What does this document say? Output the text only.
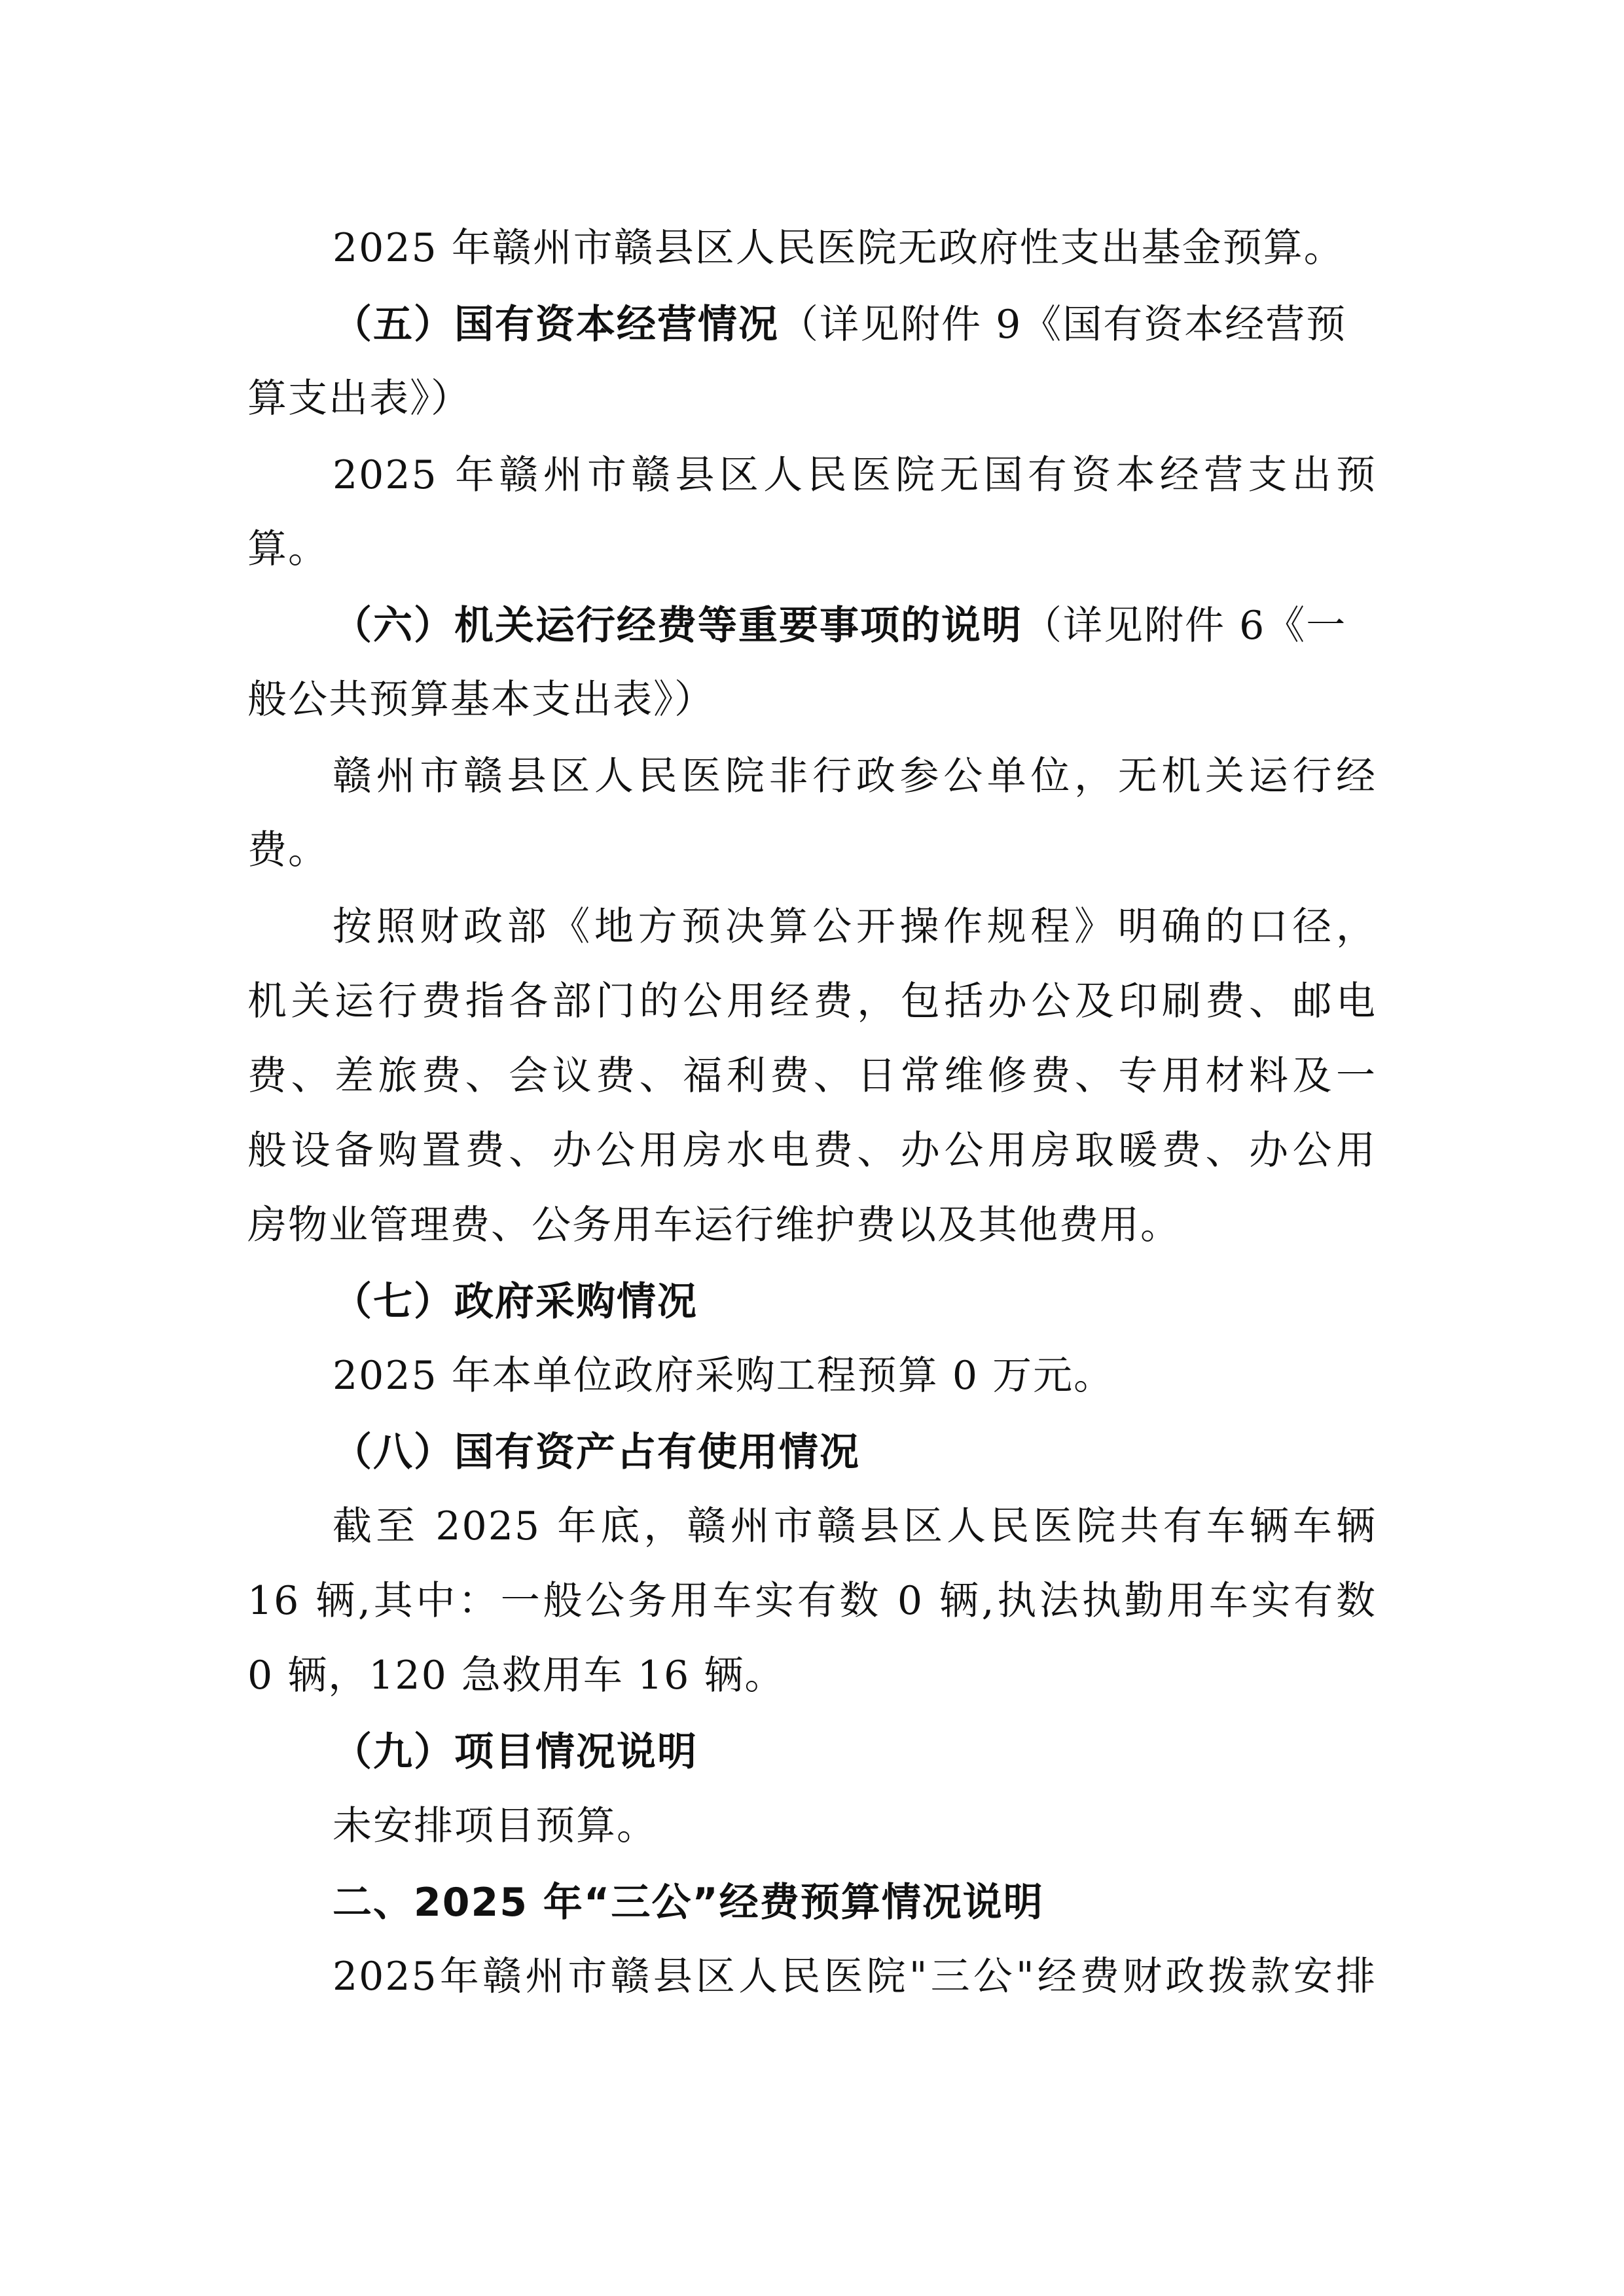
2025 年赣州市赣县区人民医院无政府性支出基金预算。
（五）国有资本经营情况（详见附件 9《国有资本经营预
算支出表》）
2025 年赣州市赣县区人民医院无国有资本经营支出预
算。
（六）机关运行经费等重要事项的说明（详见附件 6《一
般公共预算基本支出表》）
赣州市赣县区人民医院非行政参公单位，无机关运行经
费。
按照财政部《地方预决算公开操作规程》明确的口径，
机关运行费指各部门的公用经费，包括办公及印刷费、邮电
费、差旅费、会议费、福利费、日常维修费、专用材料及一
般设备购置费、办公用房水电费、办公用房取暖费、办公用
房物业管理费、公务用车运行维护费以及其他费用。
（七）政府采购情况
2025 年本单位政府采购工程预算 0 万元。
（八）国有资产占有使用情况
截至 2025 年底，赣州市赣县区人民医院共有车辆车辆
16 辆,其中：一般公务用车实有数 0 辆,执法执勤用车实有数
0 辆，120 急救用车 16 辆。
（九）项目情况说明
未安排项目预算。
二、2025 年“三公”经费预算情况说明
2025年赣州市赣县区人民医院"三公"经费财政拨款安排
